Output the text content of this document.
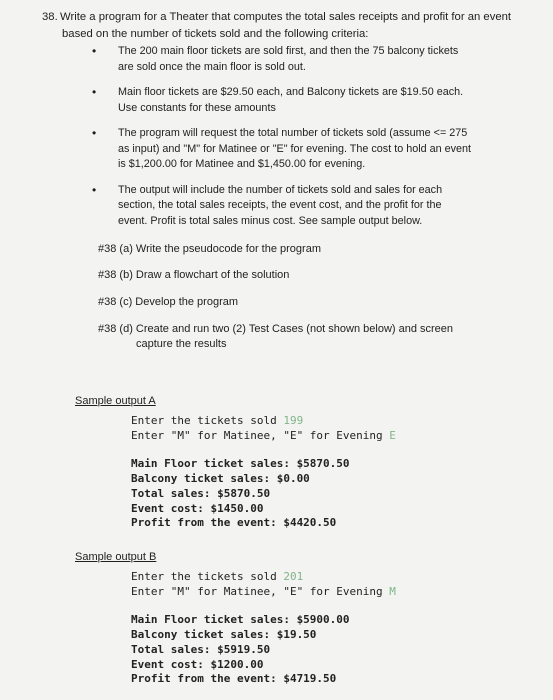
38. Write a program for a Theater that computes the total sales receipts and profit for an event based on the number of tickets sold and the following criteria:
• The 200 main floor tickets are sold first, and then the 75 balcony tickets are sold once the main floor is sold out.
• Main floor tickets are $29.50 each, and Balcony tickets are $19.50 each. Use constants for these amounts
• The program will request the total number of tickets sold (assume <= 275 as input) and "M" for Matinee or "E" for evening. The cost to hold an event is $1,200.00 for Matinee and $1,450.00 for evening.
• The output will include the number of tickets sold and sales for each section, the total sales receipts, the event cost, and the profit for the event. Profit is total sales minus cost. See sample output below.
#38 (a) Write the pseudocode for the program
#38 (b) Draw a flowchart of the solution
#38 (c) Develop the program
#38 (d) Create and run two (2) Test Cases (not shown below) and screen
capture the results
Sample output A
Enter the tickets sold 199
Enter "M" for Matinee, "E" for Evening E
Main Floor ticket sales: $5870.50
Balcony ticket sales: $0.00
Total sales: $5870.50
Event cost: $1450.00
Profit from the event: $4420.50
Sample output B
Enter the tickets sold 201
Enter "M" for Matinee, "E" for Evening M
Main Floor ticket sales: $5900.00
Balcony ticket sales: $19.50
Total sales: $5919.50
Event cost: $1200.00
Profit from the event: $4719.50
